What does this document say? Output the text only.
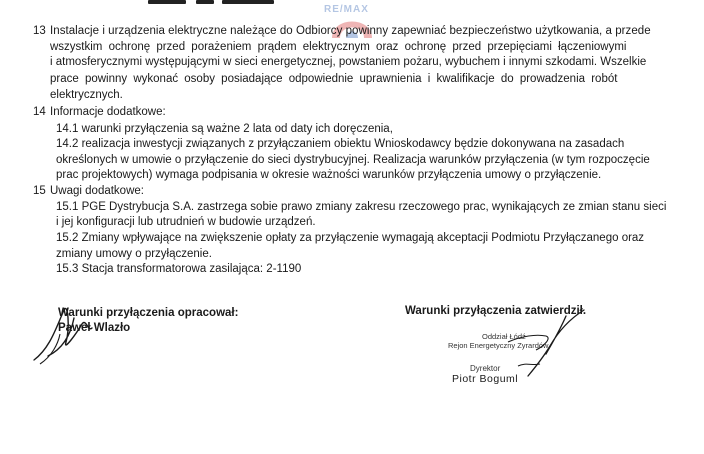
RE/MAX
13 Instalacje i urządzenia elektryczne należące do Odbiorcy powinny zapewniać bezpieczeństwo użytkowania, a przede
wszystkim ochronę przed porażeniem prądem elektrycznym oraz ochronę przed przepięciami łączeniowymi
i atmosferycznymi występującymi w sieci energetycznej, powstaniem pożaru, wybuchem i innymi szkodami. Wszelkie
prace powinny wykonać osoby posiadające odpowiednie uprawnienia i kwalifikacje do prowadzenia robót
elektrycznych.
14 Informacje dodatkowe:
14.1 warunki przyłączenia są ważne 2 lata od daty ich doręczenia,
14.2 realizacja inwestycji związanych z przyłączaniem obiektu Wnioskodawcy będzie dokonywana na zasadach
określonych w umowie o przyłączenie do sieci dystrybucyjnej. Realizacja warunków przyłączenia (w tym rozpoczęcie
prac projektowych) wymaga podpisania w okresie ważności warunków przyłączenia umowy o przyłączenie.
15 Uwagi dodatkowe:
15.1 PGE Dystrybucja S.A. zastrzega sobie prawo zmiany zakresu rzeczowego prac, wynikających ze zmian stanu sieci
i jej konfiguracji lub utrudnień w budowie urządzeń.
15.2 Zmiany wpływające na zwiększenie opłaty za przyłączenie wymagają akceptacji Podmiotu Przyłączanego oraz
zmiany umowy o przyłączenie.
15.3 Stacja transformatorowa zasilająca: 2-1190
Warunki przyłączenia opracował:
Paweł Wlazło
Warunki przyłączenia zatwierdził.
Oddział Łódź
Rejon Energetyczny Zyrardów
Dyrektor
Piotr Boguml
